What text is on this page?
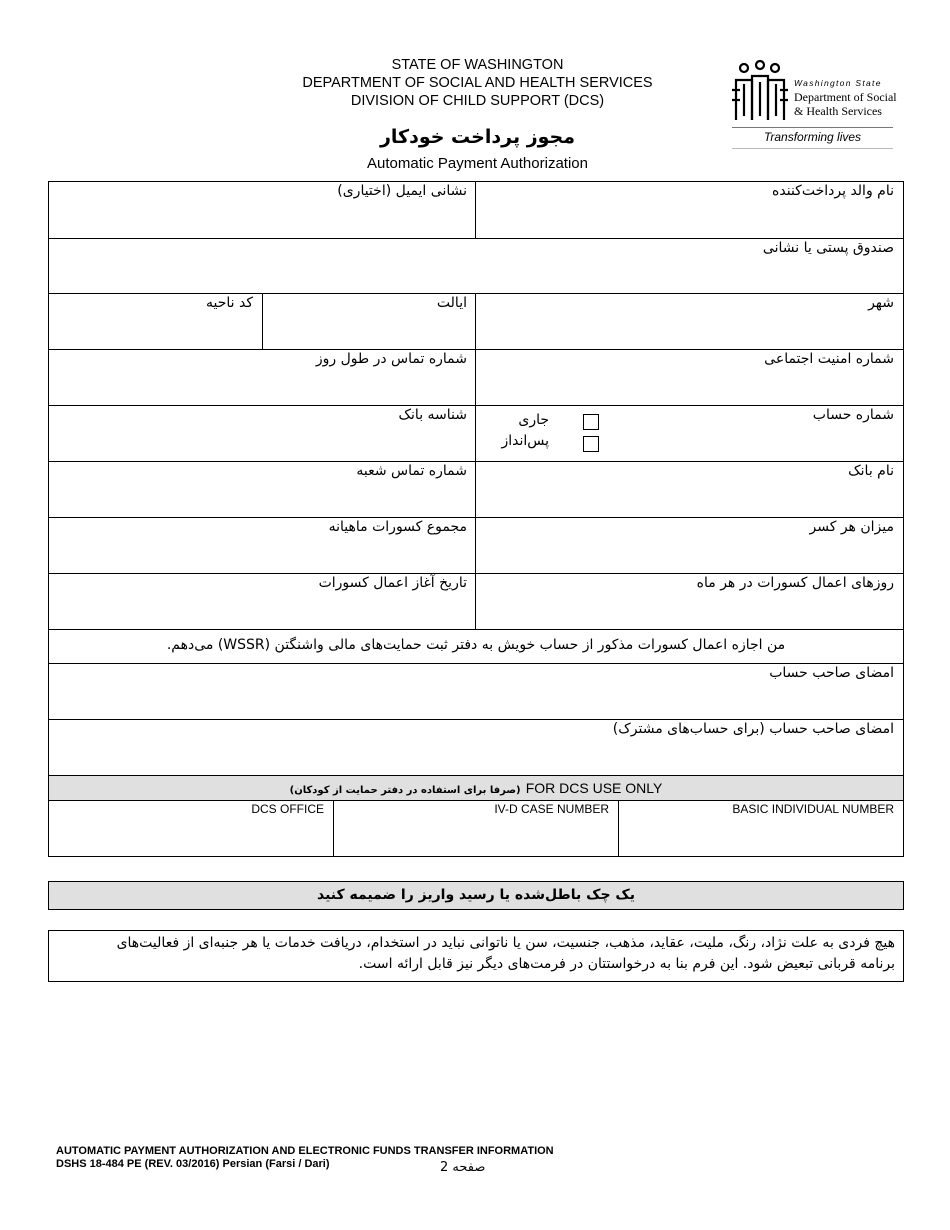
STATE OF WASHINGTON
DEPARTMENT OF SOCIAL AND HEALTH SERVICES
DIVISION OF CHILD SUPPORT (DCS)
مجوز پرداخت خودکار
Automatic Payment Authorization
Washington State
Department of Social
& Health Services
Transforming lives
نام والد پرداخت‌کننده
نشانی ایمیل (اختیاری)
صندوق پستی یا نشانی
شهر
ایالت
کد ناحیه
شماره امنیت اجتماعی
شماره تماس در طول روز
شماره حساب
جاری
پس‌انداز
شناسه بانک
نام بانک
شماره تماس شعبه
میزان هر کسر
مجموع کسورات ماهیانه
روزهای اعمال کسورات در هر ماه
تاریخ آغاز اعمال کسورات
من اجازه اعمال کسورات مذکور از حساب خویش به دفتر ثبت حمایت‌های مالی واشنگتن (WSSR) می‌دهم.
امضای صاحب حساب
امضای صاحب حساب (برای حساب‌های مشترک)
(صرفا برای استفاده در دفتر حمایت از کودکان) FOR DCS USE ONLY
BASIC INDIVIDUAL NUMBER
IV-D CASE NUMBER
DCS OFFICE
یک چک باطل‌شده یا رسید واریز را ضمیمه کنید
هیچ فردی به علت نژاد، رنگ، ملیت، عقاید، مذهب، جنسیت، سن یا ناتوانی نباید در استخدام، دریافت خدمات یا هر جنبه‌ای از فعالیت‌های
برنامه قربانی تبعیض شود. این فرم بنا به درخواستتان در فرمت‌های دیگر نیز قابل ارائه است.
AUTOMATIC PAYMENT AUTHORIZATION AND ELECTRONIC FUNDS TRANSFER INFORMATION
DSHS 18-484 PE (REV. 03/2016) Persian (Farsi / Dari)	صفحه 2
